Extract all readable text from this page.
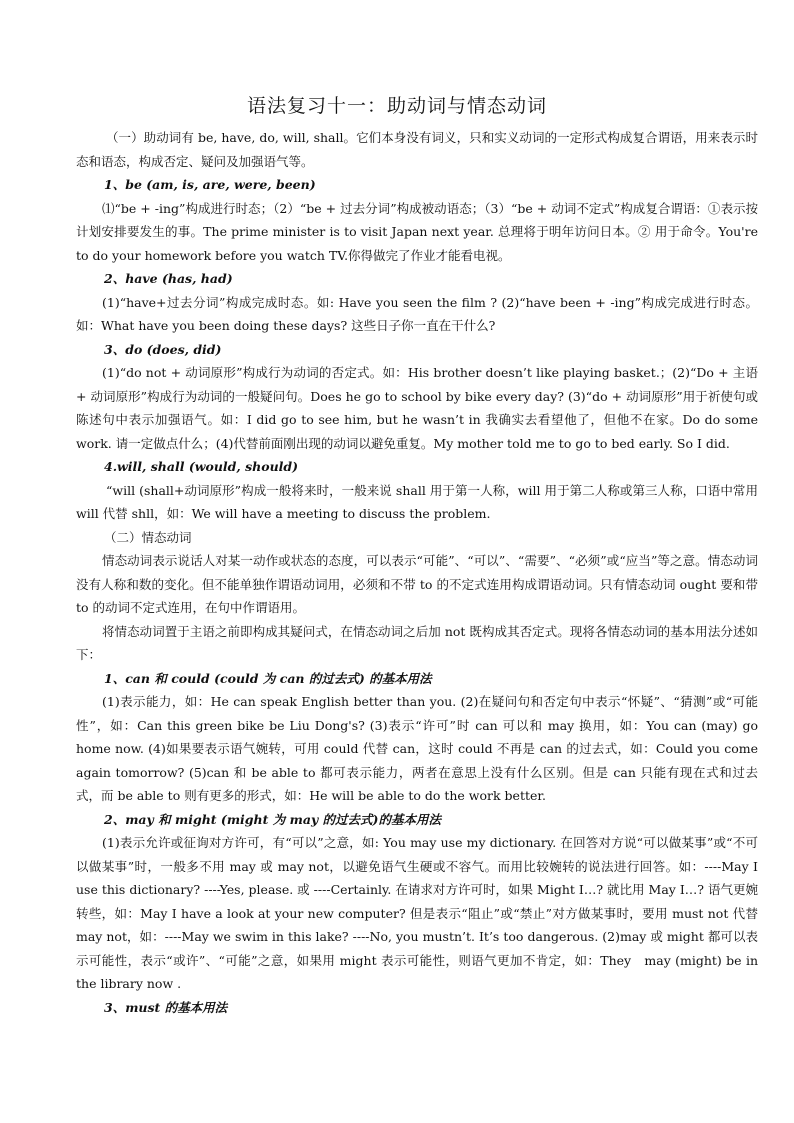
语法复习十一：助动词与情态动词

（一）助动词有 be, have, do, will, shall。它们本身没有词义，只和实义动词的一定形式构成复合谓语，用来表示时态和语态，构成否定、疑问及加强语气等。

1、be (am, is, are, were, been)

⑴“be + -ing”构成进行时态；（2）“be + 过去分词”构成被动语态；（3）“be + 动词不定式”构成复合谓语：①表示按计划安排要发生的事。The prime minister is to visit Japan next year. 总理将于明年访问日本。② 用于命令。You're to do your homework before you watch TV.你得做完了作业才能看电视。

2、have (has, had)

(1)“have+过去分词”构成完成时态。如: Have you seen the film ? (2)“have been + -ing”构成完成进行时态。如：What have you been doing these days? 这些日子你一直在干什么?

3、do (does, did)

(1)“do not + 动词原形”构成行为动词的否定式。如：His brother doesn’t like playing basket.；(2)“Do + 主语 + 动词原形”构成行为动词的一般疑问句。Does he go to school by bike every day? (3)“do + 动词原形”用于祈使句或陈述句中表示加强语气。如：I did go to see him, but he wasn’t in 我确实去看望他了，但他不在家。Do do some work. 请一定做点什么；(4)代替前面刚出现的动词以避免重复。My mother told me to go to bed early. So I did.

4.will, shall (would, should)

“will (shall+动词原形”构成一般将来时，一般来说 shall 用于第一人称，will 用于第二人称或第三人称，口语中常用 will 代替 shll，如：We will have a meeting to discuss the problem.

（二）情态动词

情态动词表示说话人对某一动作或状态的态度，可以表示“可能”、“可以”、“需要”、“必须”或“应当”等之意。情态动词没有人称和数的变化。但不能单独作谓语动词用，必须和不带 to 的不定式连用构成谓语动词。只有情态动词 ought 要和带 to 的动词不定式连用，在句中作谓语用。

将情态动词置于主语之前即构成其疑问式，在情态动词之后加 not 既构成其否定式。现将各情态动词的基本用法分述如下：

1、can 和 could (could 为 can 的过去式) 的基本用法

(1)表示能力，如：He can speak English better than you. (2)在疑问句和否定句中表示“怀疑”、“猜测”或“可能性”，如：Can this green bike be Liu Dong's? (3)表示“许可”时 can 可以和 may 换用，如：You can (may) go home now. (4)如果要表示语气婉转，可用 could 代替 can，这时 could 不再是 can 的过去式，如：Could you come again tomorrow? (5)can 和 be able to 都可表示能力，两者在意思上没有什么区别。但是 can 只能有现在式和过去式，而 be able to 则有更多的形式，如：He will be able to do the work better.

2、may 和 might (might 为 may 的过去式)的基本用法

(1)表示允许或征询对方许可，有“可以”之意，如: You may use my dictionary. 在回答对方说“可以做某事”或“不可以做某事”时，一般多不用 may 或 may not，以避免语气生硬或不容气。而用比较婉转的说法进行回答。如：----May I use this dictionary? ----Yes, please. 或 ----Certainly. 在请求对方许可时，如果 Might I…? 就比用 May I…? 语气更婉转些，如：May I have a look at your new computer? 但是表示“阻止”或“禁止”对方做某事时，要用 must not 代替 may not，如：----May we swim in this lake? ----No, you mustn’t. It’s too dangerous. (2)may 或 might 都可以表示可能性，表示“或许”、“可能”之意，如果用 might 表示可能性，则语气更加不肯定，如：They　may (might) be in the library now .

3、must 的基本用法
